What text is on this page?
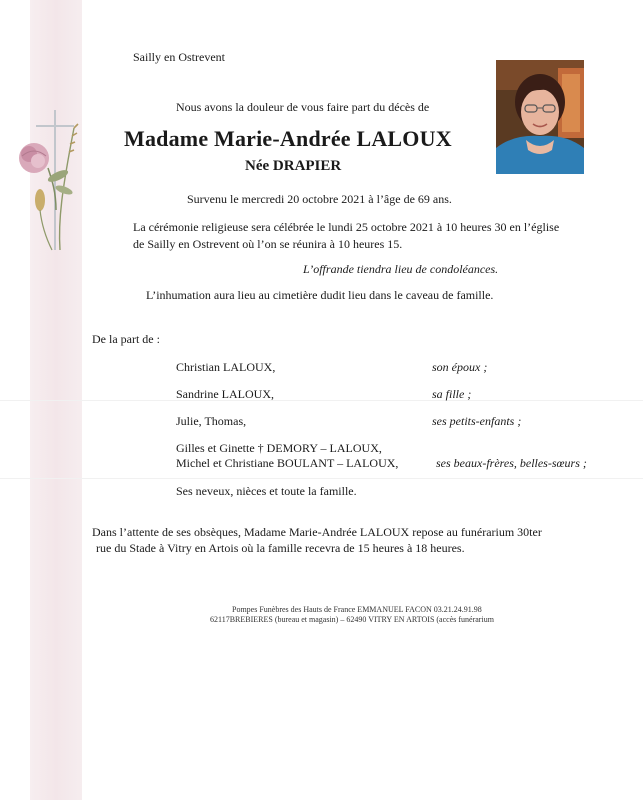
Sailly en Ostrevent
Nous avons la douleur de vous faire part du décès de
Madame Marie-Andrée LALOUX
Née DRAPIER
Survenu le mercredi 20 octobre 2021 à l’âge de 69 ans.
La cérémonie religieuse sera célébrée le lundi 25 octobre 2021 à 10 heures 30 en l’église
de Sailly en Ostrevent où l’on se réunira à 10 heures 15.
L’offrande tiendra lieu de condoléances.
L’inhumation aura lieu au cimetière dudit lieu dans le caveau de famille.
De la part de :
Christian LALOUX,	son époux ;
Sandrine LALOUX,	sa fille ;
Julie, Thomas,	ses petits-enfants ;
Gilles et Ginette † DEMORY – LALOUX,
Michel et Christiane BOULANT – LALOUX,	ses beaux-frères, belles-sœurs ;
Ses neveux, nièces et toute la famille.
Dans l’attente de ses obsèques, Madame Marie-Andrée LALOUX repose au funérarium 30ter
rue du Stade à Vitry en Artois où la famille recevra de 15 heures à 18 heures.
Pompes Funèbres des Hauts de France EMMANUEL FACON 03.21.24.91.98
62117BREBIERES (bureau et magasin) – 62490 VITRY EN ARTOIS (accès funérarium
